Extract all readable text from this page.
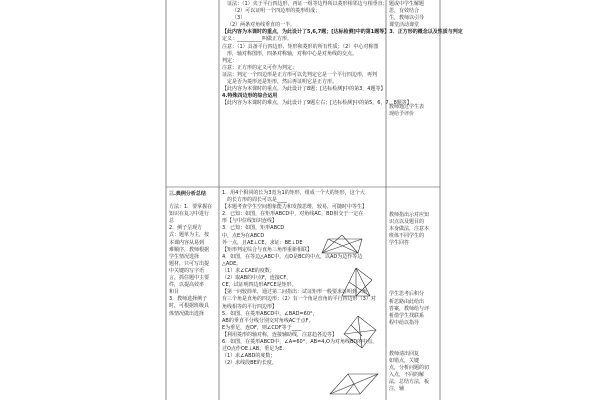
证法：（1）夹于平行四边形，再证一组等边得所以菱形相邻边与相垂直；
（2）可以证明一个四边形的菱形组成；
（3）
（2）两条对角线垂直的一半。
【此内容为本课时的重点，为此设计了5,6,7题；[达标检测]中的第1题等】3．正方形的概念以及性质与判定
定义：__________叫做正方形。
注意：（1）具备平行四边形、矩形和菱形的所有性质；（2）中心对称图
形，轴对称图形，四条对称轴，对称中心是对角线的交点。
判定：
注意：正方形的定义可作为判定；
证法：判定一个四边形是正方形可以先判定它是一个平行四边形，再判
定是否为菱形还是矩形，然后再证明它是正方形。
【此内容为本课时的重点，为此设计了8题；[达标检测]中的第3，4题等】
4.特殊四边形的综合运用
【此内容为本课时的难点，为此设计了9题左右；[达标检测]中的第5，6，7，8题等】
题或中学生解题
思，有效结合
生，教师以引导
课堂活动课堂
教师通过学生表
现给予评价
三.典例分析总结
方法：1．要掌握在
知识在复习中进行
总
2．例子呈现方
式：题单为主，按
本课内容从易到
难顺序，教师根据
学生情况选择
题材，只可写出提
中关键的写字语
言，抓住题中主要
件，以提高效率
和目
3．教师选择例子
时，可根据班级具
体情况做出选择
1．用4个相同的长为3宽为1的矩形，组成一个大的矩形，这个大
的长方形的周长可以是____
【本题考查学生空间想象能力和发散思维，较易，可随时中等生】
2．已知：如图，在矩形ABCD中，对角线AC，BD相交于一定在
形【与中位线知识连线】
3．已知：如图，矩形ABCD
中，点E为在ABCD
外一点，且AE⊥CE，求证：BE⊥DE
【矩形判定综合与直角三角形重新相联】
4．如图，在等边△ABC中，点D是BC的中点，以AD为边作等边
△ADE。
（1）求∠CAE的度数；
（2）取AB的中点F，连接CF，
CE，试证明四边形AFCE是矩形。
【第一问较简单，通过第二问指出：试证矩形一般要求证明到三角
有三个角是直角的四边形；（2）有一个角是直角的平行四边形（3）对
角线相等的平行四边形】
5．如图，在菱形ABCD中，∠BAD=60°，
AB的垂直平分线分别交对角线AC于点F，
E为垂足，连DF，则∠CDF等于____
【利用菱形的轴对称，连接辅助线，注意趋各边等】
6．如图，在菱形ABCD中，∠A=60°，AB=4,O为对角线BD的中点，
过O点作OE⊥AB，垂足为E.
（1）求∠ABD的度数；
（2）求线段BE的长度。
教师指出示对应知
识点以及题目的
本身做法，注意本
班体不同学生的
学生回答
学生思考后积分
析思路由此给出
答案，教师给与评
析借学生找联系
程中给以指导
教师请出回复
如错点，关键
点，分析问题的切
入点，不同的解
法，总结方法，板
注，辅
